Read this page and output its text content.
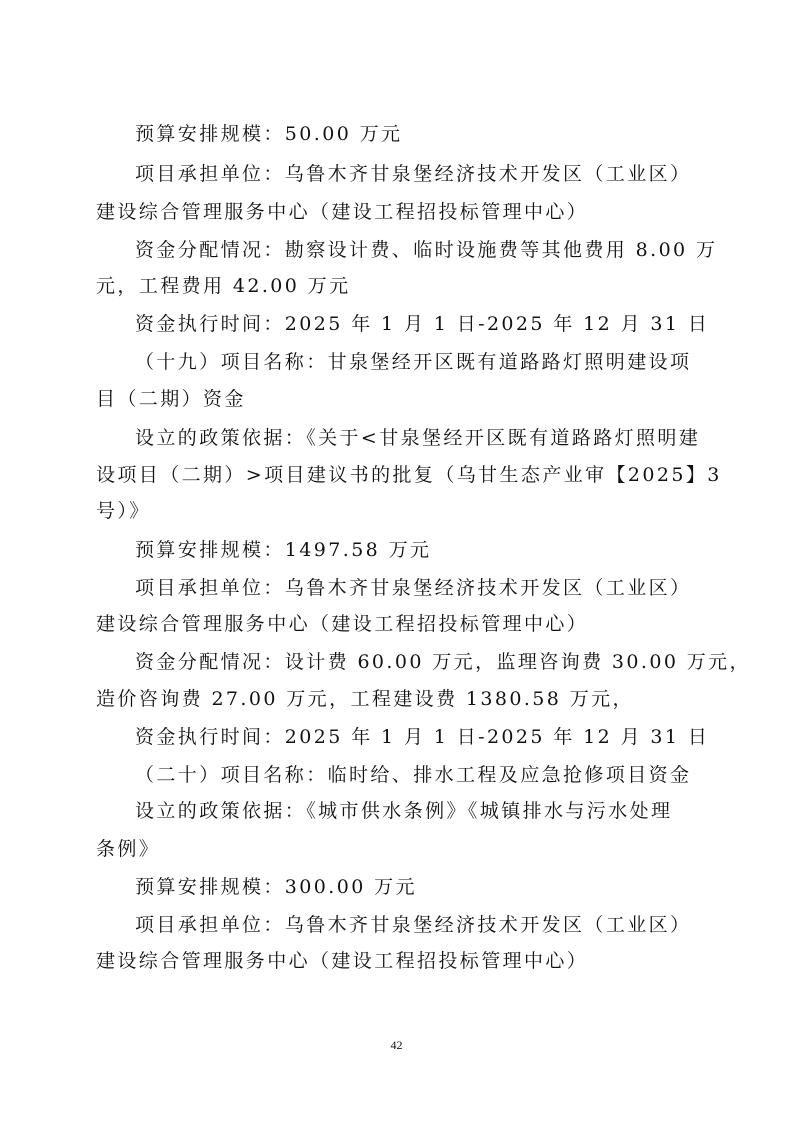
预算安排规模：50.00 万元
项目承担单位：乌鲁木齐甘泉堡经济技术开发区（工业区）
建设综合管理服务中心（建设工程招投标管理中心）
资金分配情况：勘察设计费、临时设施费等其他费用 8.00 万
元，工程费用 42.00 万元
资金执行时间：2025 年 1 月 1 日-2025 年 12 月 31 日
（十九）项目名称：甘泉堡经开区既有道路路灯照明建设项
目（二期）资金
设立的政策依据：《关于<甘泉堡经开区既有道路路灯照明建
设项目（二期）>项目建议书的批复（乌甘生态产业审【2025】3
号）》
预算安排规模：1497.58 万元
项目承担单位：乌鲁木齐甘泉堡经济技术开发区（工业区）
建设综合管理服务中心（建设工程招投标管理中心）
资金分配情况：设计费 60.00 万元，监理咨询费 30.00 万元，
造价咨询费 27.00 万元，工程建设费 1380.58 万元，
资金执行时间：2025 年 1 月 1 日-2025 年 12 月 31 日
（二十）项目名称：临时给、排水工程及应急抢修项目资金
设立的政策依据：《城市供水条例》《城镇排水与污水处理
条例》
预算安排规模：300.00 万元
项目承担单位：乌鲁木齐甘泉堡经济技术开发区（工业区）
建设综合管理服务中心（建设工程招投标管理中心）
42
